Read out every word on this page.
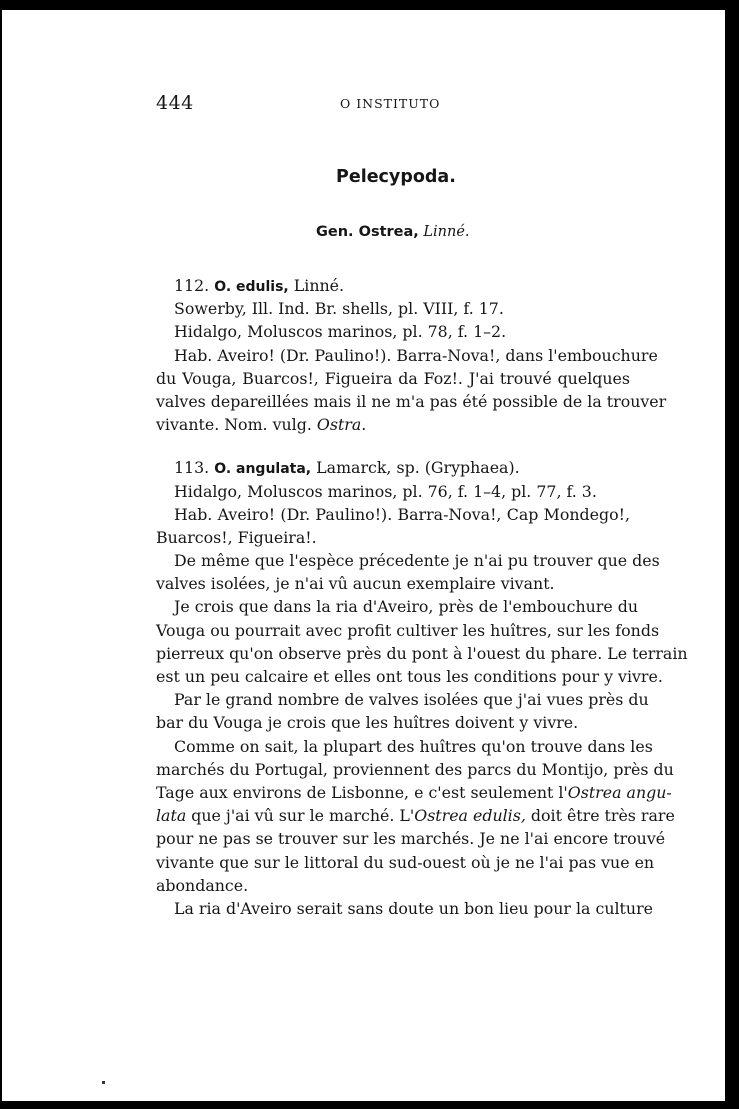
444	O INSTITUTO
Pelecypoda.
Gen. Ostrea, Linné.
112. O. edulis, Linné.
Sowerby, Ill. Ind. Br. shells, pl. VIII, f. 17.
Hidalgo, Moluscos marinos, pl. 78, f. 1–2.
Hab. Aveiro! (Dr. Paulino!). Barra-Nova!, dans l'embouchure
du Vouga, Buarcos!, Figueira da Foz!. J'ai trouvé quelques
valves depareillées mais il ne m'a pas été possible de la trouver
vivante. Nom. vulg. Ostra.
113. O. angulata, Lamarck, sp. (Gryphaea).
Hidalgo, Moluscos marinos, pl. 76, f. 1–4, pl. 77, f. 3.
Hab. Aveiro! (Dr. Paulino!). Barra-Nova!, Cap Mondego!,
Buarcos!, Figueira!.
De même que l'espèce précedente je n'ai pu trouver que des
valves isolées, je n'ai vû aucun exemplaire vivant.
Je crois que dans la ria d'Aveiro, près de l'embouchure du
Vouga ou pourrait avec profit cultiver les huîtres, sur les fonds
pierreux qu'on observe près du pont à l'ouest du phare. Le terrain
est un peu calcaire et elles ont tous les conditions pour y vivre.
Par le grand nombre de valves isolées que j'ai vues près du
bar du Vouga je crois que les huîtres doivent y vivre.
Comme on sait, la plupart des huîtres qu'on trouve dans les
marchés du Portugal, proviennent des parcs du Montijo, près du
Tage aux environs de Lisbonne, e c'est seulement l'Ostrea angu-
lata que j'ai vû sur le marché. L'Ostrea edulis, doit être très rare
pour ne pas se trouver sur les marchés. Je ne l'ai encore trouvé
vivante que sur le littoral du sud-ouest où je ne l'ai pas vue en
abondance.
La ria d'Aveiro serait sans doute un bon lieu pour la culture
